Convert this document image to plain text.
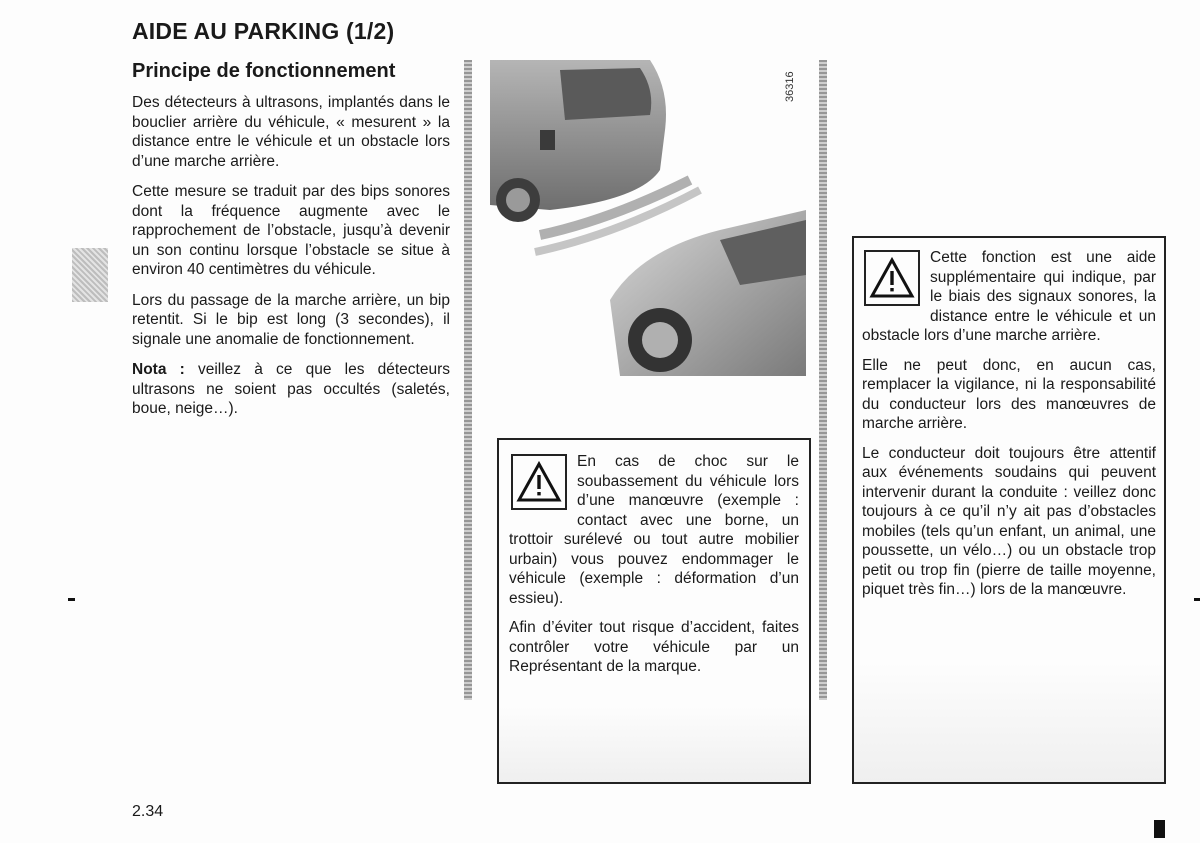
AIDE AU PARKING (1/2)
Principe de fonctionnement

Des détecteurs à ultrasons, implantés dans le bouclier arrière du véhicule, « mesurent » la distance entre le véhicule et un obstacle lors d’une marche arrière.

Cette mesure se traduit par des bips sonores dont la fréquence augmente avec le rapprochement de l’obstacle, jusqu’à devenir un son continu lorsque l’obstacle se situe à environ 40 centimètres du véhicule.

Lors du passage de la marche arrière, un bip retentit. Si le bip est long (3 secondes), il signale une anomalie de fonctionnement.

Nota : veillez à ce que les détecteurs ultrasons ne soient pas occultés (saletés, boue, neige…).

36316

En cas de choc sur le soubassement du véhicule lors d’une manœuvre (exemple : contact avec une borne, un trottoir surélevé ou tout autre mobilier urbain) vous pouvez endommager le véhicule (exemple : déformation d’un essieu).

Afin d’éviter tout risque d’accident, faites contrôler votre véhicule par un Représentant de la marque.

Cette fonction est une aide supplémentaire qui indique, par le biais des signaux sonores, la distance entre le véhicule et un obstacle lors d’une marche arrière.

Elle ne peut donc, en aucun cas, remplacer la vigilance, ni la responsabilité du conducteur lors des manœuvres de marche arrière.

Le conducteur doit toujours être attentif aux événements soudains qui peuvent intervenir durant la conduite : veillez donc toujours à ce qu’il n’y ait pas d’obstacles mobiles (tels qu’un enfant, un animal, une poussette, un vélo…) ou un obstacle trop petit ou trop fin (pierre de taille moyenne, piquet très fin…) lors de la manœuvre.

2.34
